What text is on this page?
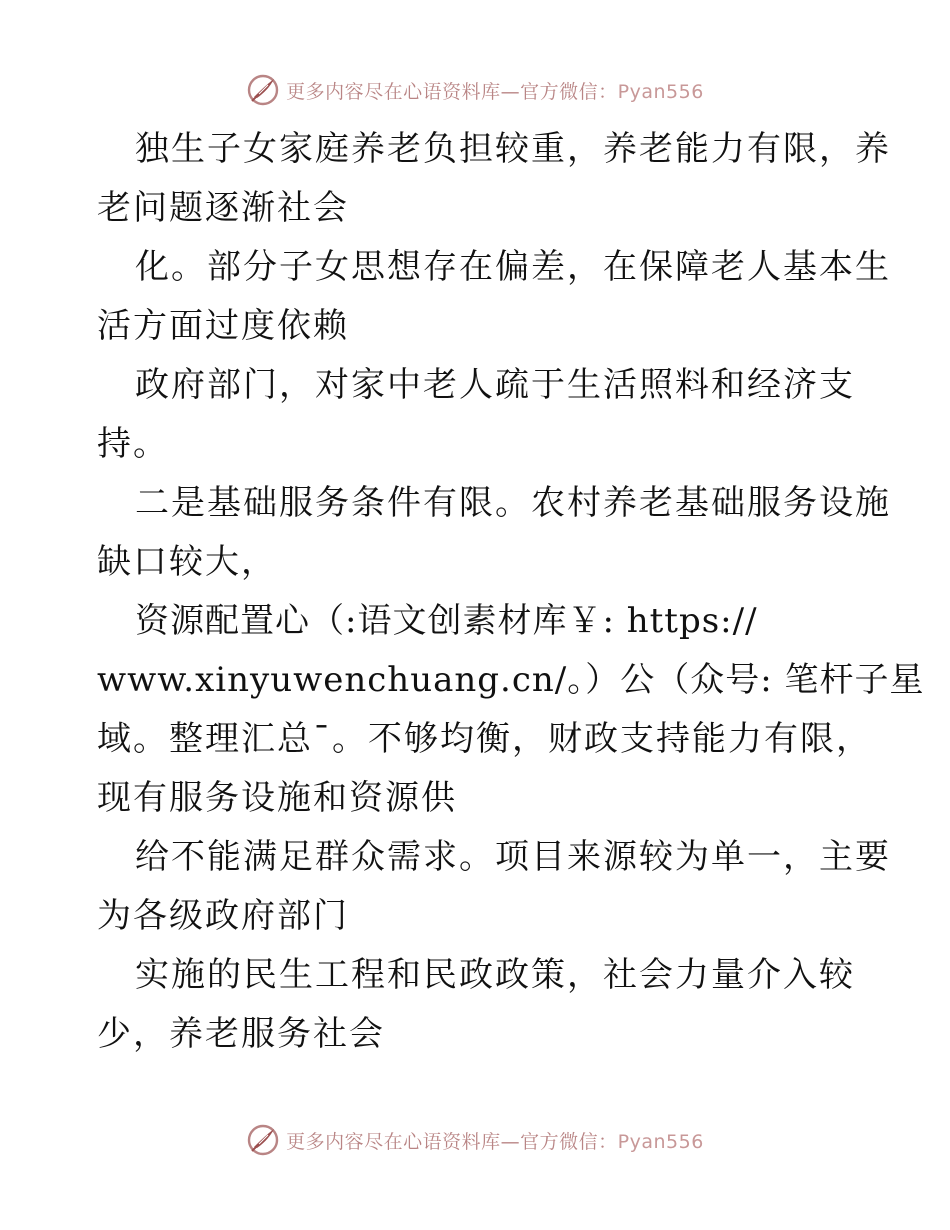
更多内容尽在心语资料库—官方微信：Pyan556
独生子女家庭养老负担较重，养老能力有限，养
老问题逐渐社会
化。部分子女思想存在偏差，在保障老人基本生
活方面过度依赖
政府部门，对家中老人疏于生活照料和经济支
持。
二是基础服务条件有限。农村养老基础服务设施
缺口较大，
资源配置心（:语文创素材库￥: https://
www.xinyuwenchuang.cn/。）公（众号: 笔杆子星
域。整理汇总¯。不够均衡，财政支持能力有限，
现有服务设施和资源供
给不能满足群众需求。项目来源较为单一，主要
为各级政府部门
实施的民生工程和民政政策，社会力量介入较
少，养老服务社会
更多内容尽在心语资料库—官方微信：Pyan556
